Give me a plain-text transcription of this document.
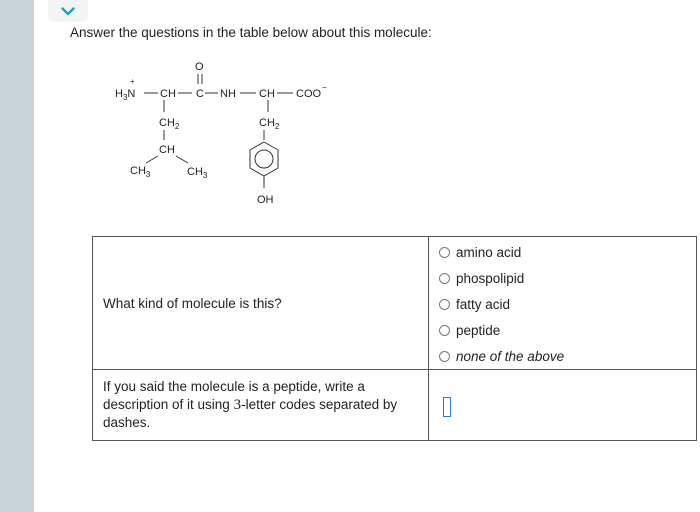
Answer the questions in the table below about this molecule:
+
$H_3N$ CH
O
C NH CH COO
−
$CH_2$
CH
$CH_3$	$CH_3$
$CH_2$
OH
What kind of molecule is this?	amino acid
phospolipid
fatty acid
peptide
none of the above

If you said the molecule is a peptide, write a description of it using 3-letter codes separated by dashes.	
